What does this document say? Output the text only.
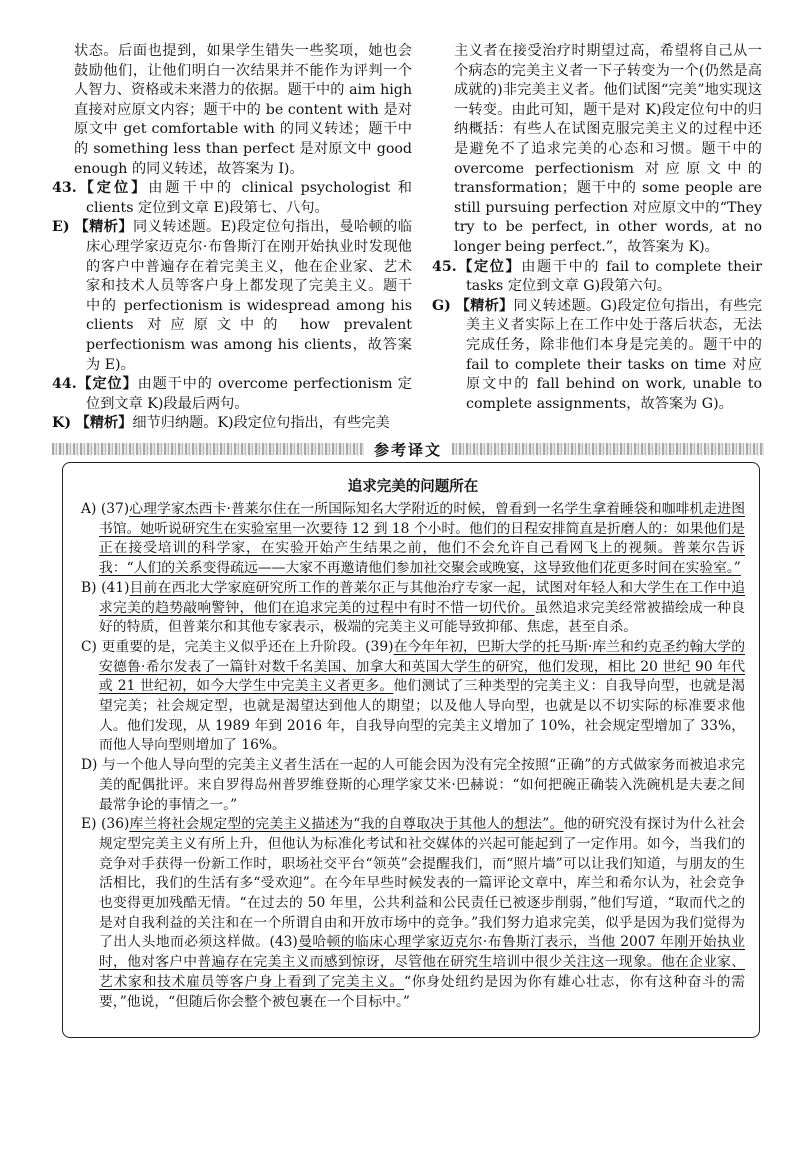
状态。后面也提到，如果学生错失一些奖项，她也会鼓励他们，让他们明白一次结果并不能作为评判一个人智力、资格或未来潜力的依据。题干中的 aim high 直接对应原文内容；题干中的 be content with 是对原文中 get comfortable with 的同义转述；题干中的 something less than perfect 是对原文中 good enough 的同义转述，故答案为 I)。

43.【定位】由题干中的 clinical psychologist 和 clients 定位到文章 E)段第七、八句。

E) 【精析】同义转述题。E)段定位句指出，曼哈顿的临床心理学家迈克尔·布鲁斯汀在刚开始执业时发现他的客户中普遍存在着完美主义，他在企业家、艺术家和技术人员等客户身上都发现了完美主义。题干中的 perfectionism is widespread among his clients 对应原文中的 how prevalent perfectionism was among his clients，故答案为 E)。

44.【定位】由题干中的 overcome perfectionism 定位到文章 K)段最后两句。

K) 【精析】细节归纳题。K)段定位句指出，有些完美

主义者在接受治疗时期望过高，希望将自己从一个病态的完美主义者一下子转变为一个(仍然是高成就的)非完美主义者。他们试图“完美”地实现这一转变。由此可知，题干是对 K)段定位句中的归纳概括：有些人在试图克服完美主义的过程中还是避免不了追求完美的心态和习惯。题干中的 overcome perfectionism 对应原文中的 transformation；题干中的 some people are still pursuing perfection 对应原文中的“They try to be perfect, in other words, at no longer being perfect.”，故答案为 K)。

45.【定位】由题干中的 fail to complete their tasks 定位到文章 G)段第六句。

G) 【精析】同义转述题。G)段定位句指出，有些完美主义者实际上在工作中处于落后状态，无法完成任务，除非他们本身是完美的。题干中的 fail to complete their tasks on time 对应原文中的 fall behind on work, unable to complete assignments，故答案为 G)。

参考译文

追求完美的问题所在

A) (37)心理学家杰西卡·普莱尔住在一所国际知名大学附近的时候，曾看到一名学生拿着睡袋和咖啡机走进图书馆。她听说研究生在实验室里一次要待 12 到 18 个小时。他们的日程安排简直是折磨人的：如果他们是正在接受培训的科学家，在实验开始产生结果之前，他们不会允许自己看网飞上的视频。普莱尔告诉我：“人们的关系变得疏远——大家不再邀请他们参加社交聚会或晚宴，这导致他们花更多时间在实验室。”

B) (41)目前在西北大学家庭研究所工作的普莱尔正与其他治疗专家一起，试图对年轻人和大学生在工作中追求完美的趋势敲响警钟，他们在追求完美的过程中有时不惜一切代价。虽然追求完美经常被描绘成一种良好的特质，但普莱尔和其他专家表示，极端的完美主义可能导致抑郁、焦虑，甚至自杀。

C) 更重要的是，完美主义似乎还在上升阶段。(39)在今年年初，巴斯大学的托马斯·库兰和约克圣约翰大学的安德鲁·希尔发表了一篇针对数千名美国、加拿大和英国大学生的研究，他们发现，相比 20 世纪 90 年代或 21 世纪初，如今大学生中完美主义者更多。他们测试了三种类型的完美主义：自我导向型，也就是渴望完美；社会规定型，也就是渴望达到他人的期望；以及他人导向型，也就是以不切实际的标准要求他人。他们发现，从 1989 年到 2016 年，自我导向型的完美主义增加了 10%，社会规定型增加了 33%，而他人导向型则增加了 16%。

D) 与一个他人导向型的完美主义者生活在一起的人可能会因为没有完全按照“正确”的方式做家务而被追求完美的配偶批评。来自罗得岛州普罗维登斯的心理学家艾米·巴赫说：“如何把碗正确装入洗碗机是夫妻之间最常争论的事情之一。”

E) (36)库兰将社会规定型的完美主义描述为“我的自尊取决于其他人的想法”。他的研究没有探讨为什么社会规定型完美主义有所上升，但他认为标准化考试和社交媒体的兴起可能起到了一定作用。如今，当我们的竞争对手获得一份新工作时，职场社交平台“领英”会提醒我们，而“照片墙”可以让我们知道，与朋友的生活相比，我们的生活有多“受欢迎”。在今年早些时候发表的一篇评论文章中，库兰和希尔认为，社会竞争也变得更加残酷无情。“在过去的 50 年里，公共利益和公民责任已被逐步削弱，”他们写道，“取而代之的是对自我利益的关注和在一个所谓自由和开放市场中的竞争。”我们努力追求完美，似乎是因为我们觉得为了出人头地而必须这样做。(43)曼哈顿的临床心理学家迈克尔·布鲁斯汀表示，当他 2007 年刚开始执业时，他对客户中普遍存在完美主义而感到惊讶，尽管他在研究生培训中很少关注这一现象。他在企业家、艺术家和技术雇员等客户身上看到了完美主义。“你身处纽约是因为你有雄心壮志，你有这种奋斗的需要，”他说，“但随后你会整个被包裹在一个目标中。”
